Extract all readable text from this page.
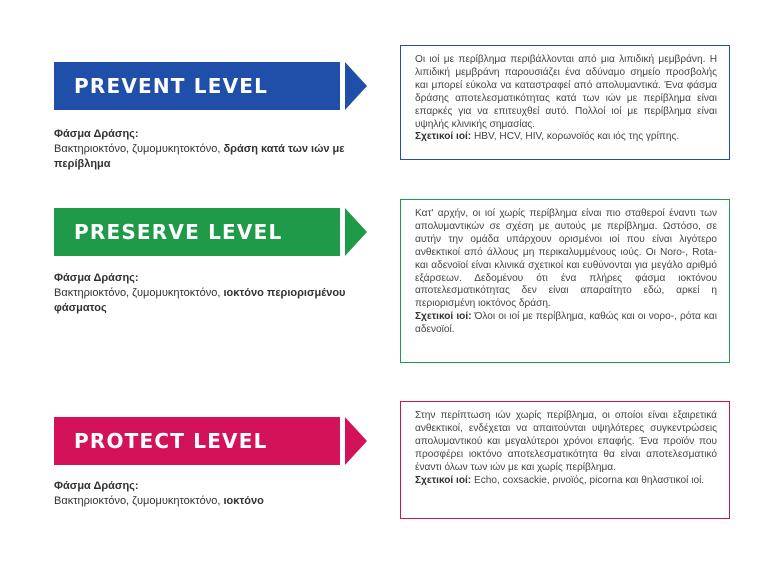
PREVENT LEVEL
Φάσμα Δράσης:
Βακτηριοκτόνο, ζυμομυκητοκτόνο, δράση κατά των ιών με περίβλημα
Οι ιοί με περίβλημα περιβάλλονται από μια λιπιδική μεμβράνη. Η λιπιδική μεμβράνη παρουσιάζει ένα αδύναμο σημείο προσβολής και μπορεί εύκολα να καταστραφεί από απολυμαντικά. Ένα φάσμα δράσης αποτελεσματικότητας κατά των ιών με περίβλημα είναι επαρκές για να επιτευχθεί αυτό. Πολλοί ιοί με περίβλημα είναι υψηλής κλινικής σημασίας.
Σχετικοί ιοί: HBV, HCV, HIV, κορωνοϊός και ιός της γρίπης.
PRESERVE LEVEL
Φάσμα Δράσης:
Βακτηριοκτόνο, ζυμομυκητοκτόνο, ιοκτόνο περιορισμένου φάσματος
Κατ' αρχήν, οι ιοί χωρίς περίβλημα είναι πιο σταθεροί έναντι των απολυμαντικών σε σχέση με αυτούς με περίβλημα. Ωστόσο, σε αυτήν την ομάδα υπάρχουν ορισμένοι ιοί που είναι λιγότερο ανθεκτικοί από άλλους μη περικαλυμμένους ιούς. Οι Noro-, Rota- και αδενοϊοί είναι κλινικά σχετικοί και ευθύνονται για μεγάλο αριθμό εξάρσεων. Δεδομένου ότι ένα πλήρες φάσμα ιοκτόνου αποτελεσματικότητας δεν είναι απαραίτητο εδώ, αρκεί η περιορισμένη ιοκτόνος δράση.
Σχετικοί ιοί: Όλοι οι ιοί με περίβλημα, καθώς και οι νορο-, ρότα και αδενοϊοί.
PROTECT LEVEL
Φάσμα Δράσης:
Βακτηριοκτόνο, ζυμομυκητοκτόνο, ιοκτόνο
Στην περίπτωση ιών χωρίς περίβλημα, οι οποίοι είναι εξαιρετικά ανθεκτικοί, ενδέχεται να απαιτούνται υψηλότερες συγκεντρώσεις απολυμαντικού και μεγαλύτεροι χρόνοι επαφής. Ένα προϊόν που προσφέρει ιοκτόνο αποτελεσματικότητα θα είναι αποτελεσματικό έναντι όλων των ιών με και χωρίς περίβλημα.
Σχετικοί ιοί: Echo, coxsackie, ρινοϊός, picorna και θηλαστικοί ιοί.
